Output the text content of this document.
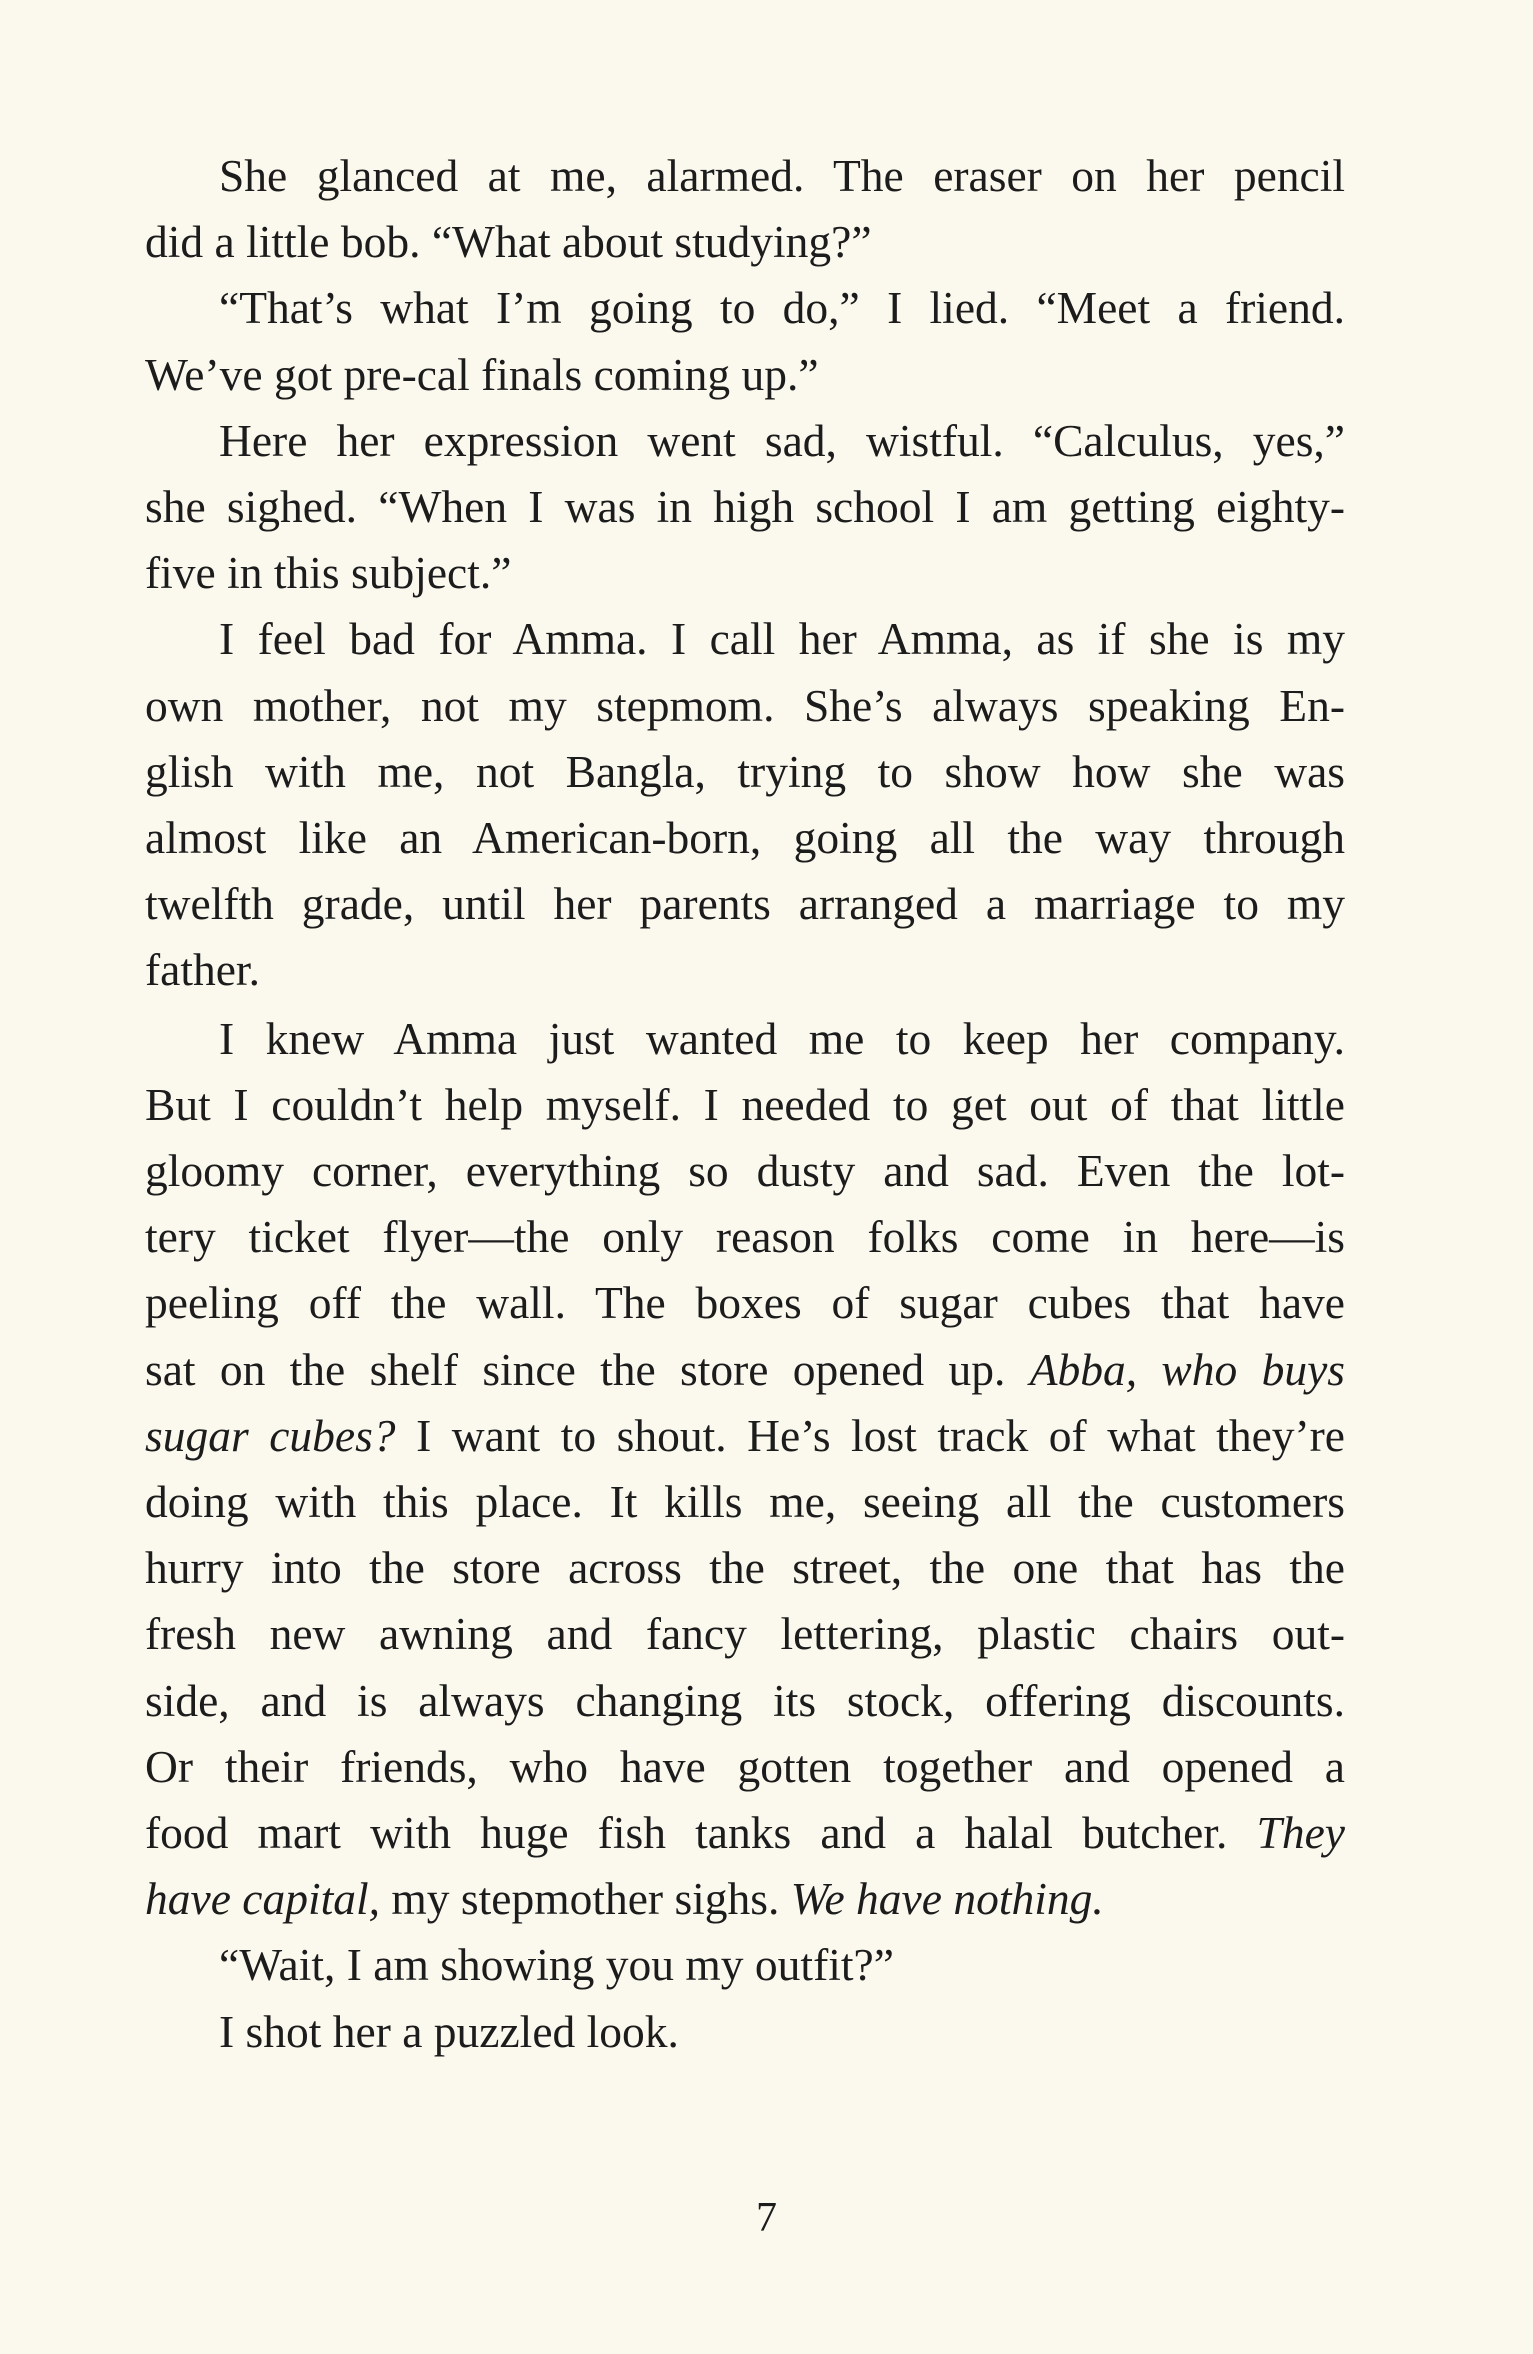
She glanced at me, alarmed. The eraser on her pencil
did a little bob. “What about studying?”
“That’s what I’m going to do,” I lied. “Meet a friend.
We’ve got pre-cal finals coming up.”
Here her expression went sad, wistful. “Calculus, yes,”
she sighed. “When I was in high school I am getting eighty-
five in this subject.”
I feel bad for Amma. I call her Amma, as if she is my
own mother, not my stepmom. She’s always speaking En-
glish with me, not Bangla, trying to show how she was
almost like an American-born, going all the way through
twelfth grade, until her parents arranged a marriage to my
father.
I knew Amma just wanted me to keep her company.
But I couldn’t help myself. I needed to get out of that little
gloomy corner, everything so dusty and sad. Even the lot-
tery ticket flyer—the only reason folks come in here—is
peeling off the wall. The boxes of sugar cubes that have
sat on the shelf since the store opened up. Abba, who buys
sugar cubes? I want to shout. He’s lost track of what they’re
doing with this place. It kills me, seeing all the customers
hurry into the store across the street, the one that has the
fresh new awning and fancy lettering, plastic chairs out-
side, and is always changing its stock, offering discounts.
Or their friends, who have gotten together and opened a
food mart with huge fish tanks and a halal butcher. They
have capital, my stepmother sighs. We have nothing.
“Wait, I am showing you my outfit?”
I shot her a puzzled look.
7
